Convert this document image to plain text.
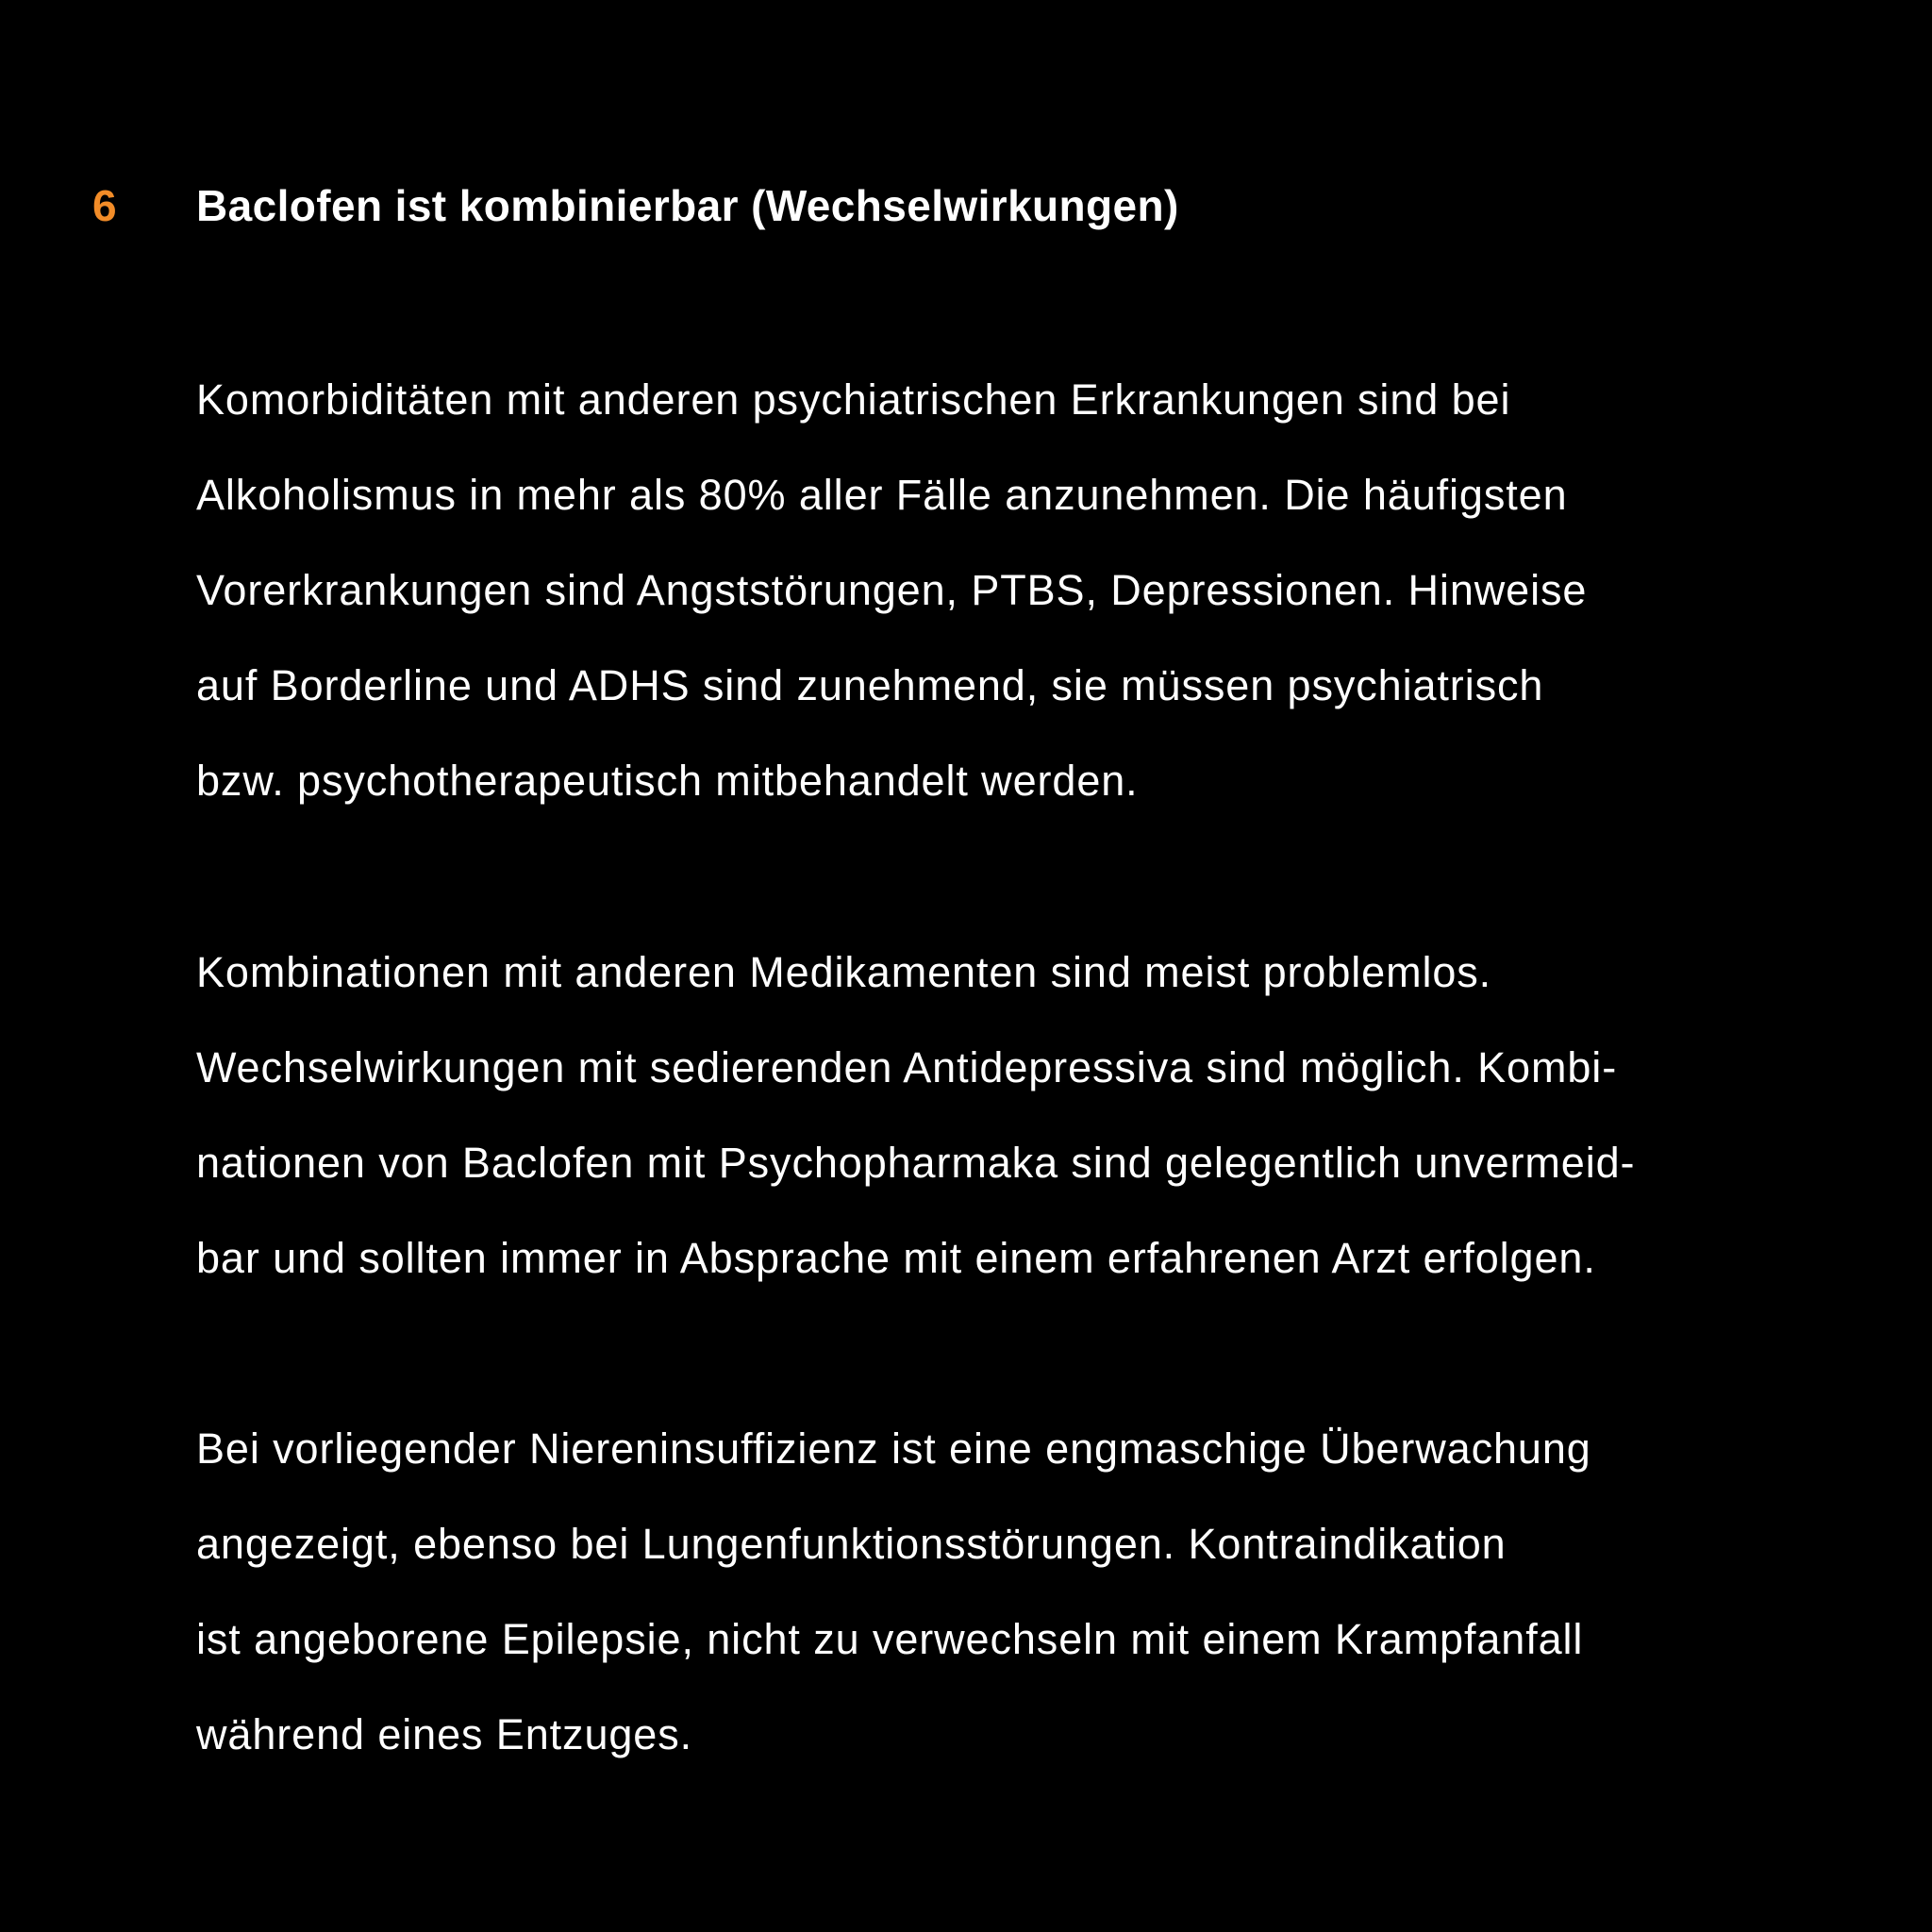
6 Baclofen ist kombinierbar (Wechselwirkungen)
Komorbiditäten mit anderen psychiatrischen Erkrankungen sind bei
Alkoholismus in mehr als 80% aller Fälle anzunehmen. Die häufigsten
Vorerkrankungen sind Angststörungen, PTBS, Depressionen. Hinweise
auf Borderline und ADHS sind zunehmend, sie müssen psychiatrisch
bzw. psychotherapeutisch mitbehandelt werden.
Kombinationen mit anderen Medikamenten sind meist problemlos.
Wechselwirkungen mit sedierenden Antidepressiva sind möglich. Kombi-
nationen von Baclofen mit Psychopharmaka sind gelegentlich unvermeid-
bar und sollten immer in Absprache mit einem erfahrenen Arzt erfolgen.
Bei vorliegender Niereninsuffizienz ist eine engmaschige Überwachung
angezeigt, ebenso bei Lungenfunktionsstörungen. Kontraindikation
ist angeborene Epilepsie, nicht zu verwechseln mit einem Krampfanfall
während eines Entzuges.
